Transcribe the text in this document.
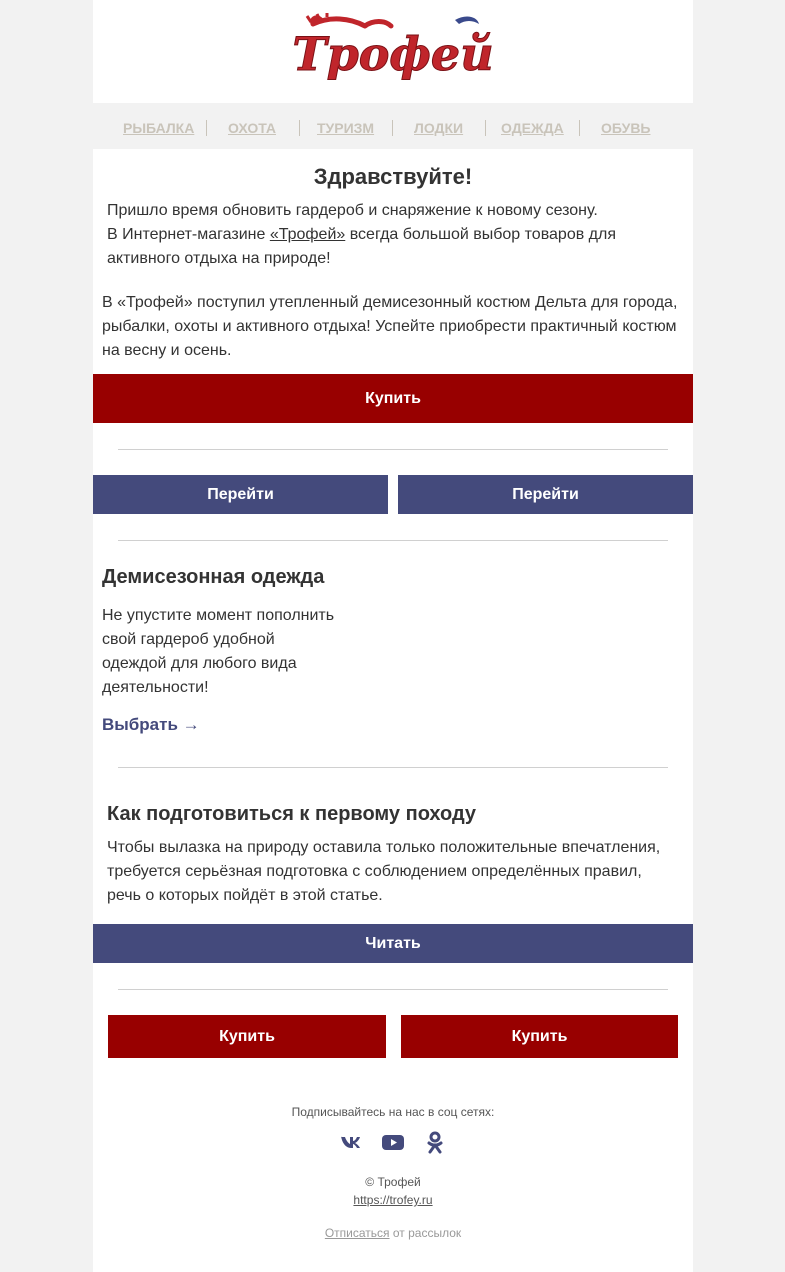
Трофей
РЫБАЛКА ОХОТА	ТУРИЗМ	ЛОДКИ	ОДЕЖДА	ОБУВЬ
Здравствуйте!
Пришло время обновить гардероб и снаряжение к новому сезону.
В Интернет-магазине «Трофей» всегда большой выбор товаров для активного отдыха на природе!
В «Трофей» поступил утепленный демисезонный костюм Дельта для города, рыбалки, охоты и активного отдыха! Успейте приобрести практичный костюм на весну и осень.
Купить
Перейти	Перейти
Демисезонная одежда
Не упустите момент пополнить свой гардероб удобной одеждой для любого вида деятельности!
Выбрать →
Как подготовиться к первому походу
Чтобы вылазка на природу оставила только положительные впечатления, требуется серьёзная подготовка с соблюдением определённых правил, речь о которых пойдёт в этой статье.
Читать
Купить	Купить
Подписывайтесь на нас в соц сетях:
© Трофей
https://trofey.ru
Отписаться от рассылок
